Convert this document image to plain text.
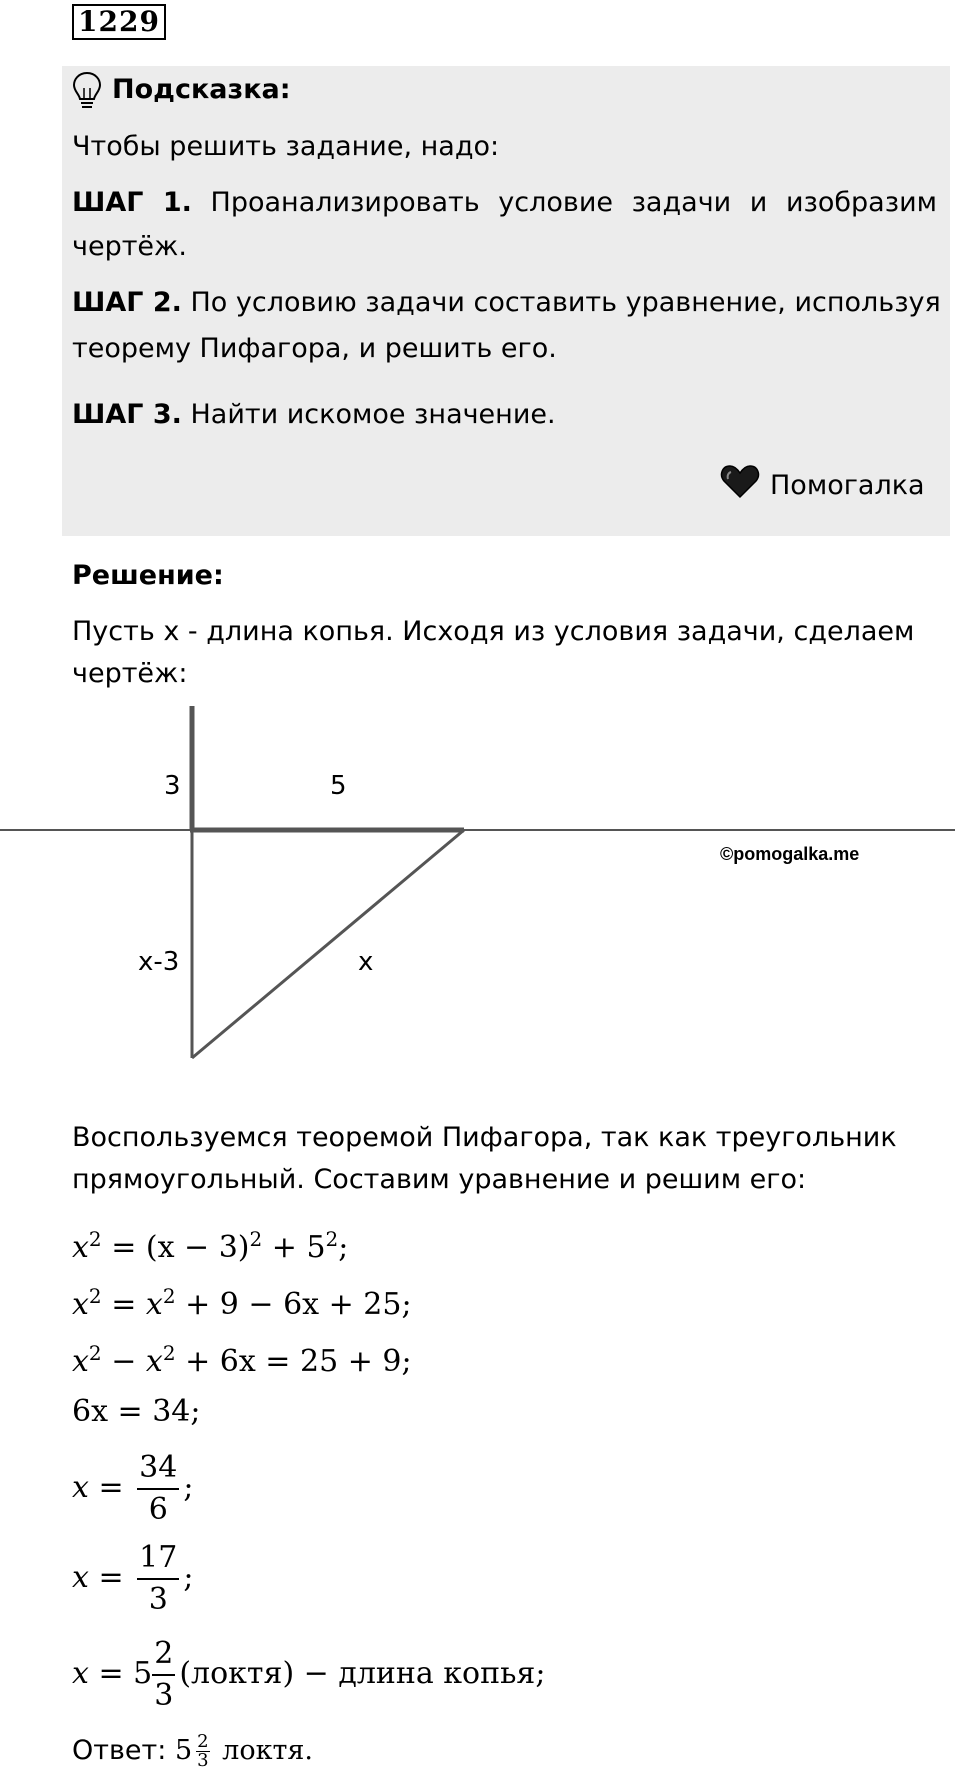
1229
Подсказка:
Чтобы решить задание, надо:
ШАГ 1. Проанализировать условие задачи и изобразим
чертёж.
ШАГ 2. По условию задачи составить уравнение, используя
теорему Пифагора, и решить его.
ШАГ 3. Найти искомое значение.
Помогалка
Решение:
Пусть x - длина копья. Исходя из условия задачи, сделаем
чертёж:
3	5
x-3	x
©pomogalka.me
Воспользуемся теоремой Пифагора, так как треугольник
прямоугольный. Составим уравнение и решим его:
$x^2 = (x - 3)^2 + 5^2$;
$x^2 = x^2 + 9 - 6x + 25$;
$x^2 - x^2 + 6x = 25 + 9$;
6x = 34;
$x = \frac{34}{6}$ ;
$x = \frac{17}{3}$ ;
$x = 5 \frac{2}{3}$ (локтя) − длина копья;
Ответ: $5 \frac{2}{3}$ локтя.
